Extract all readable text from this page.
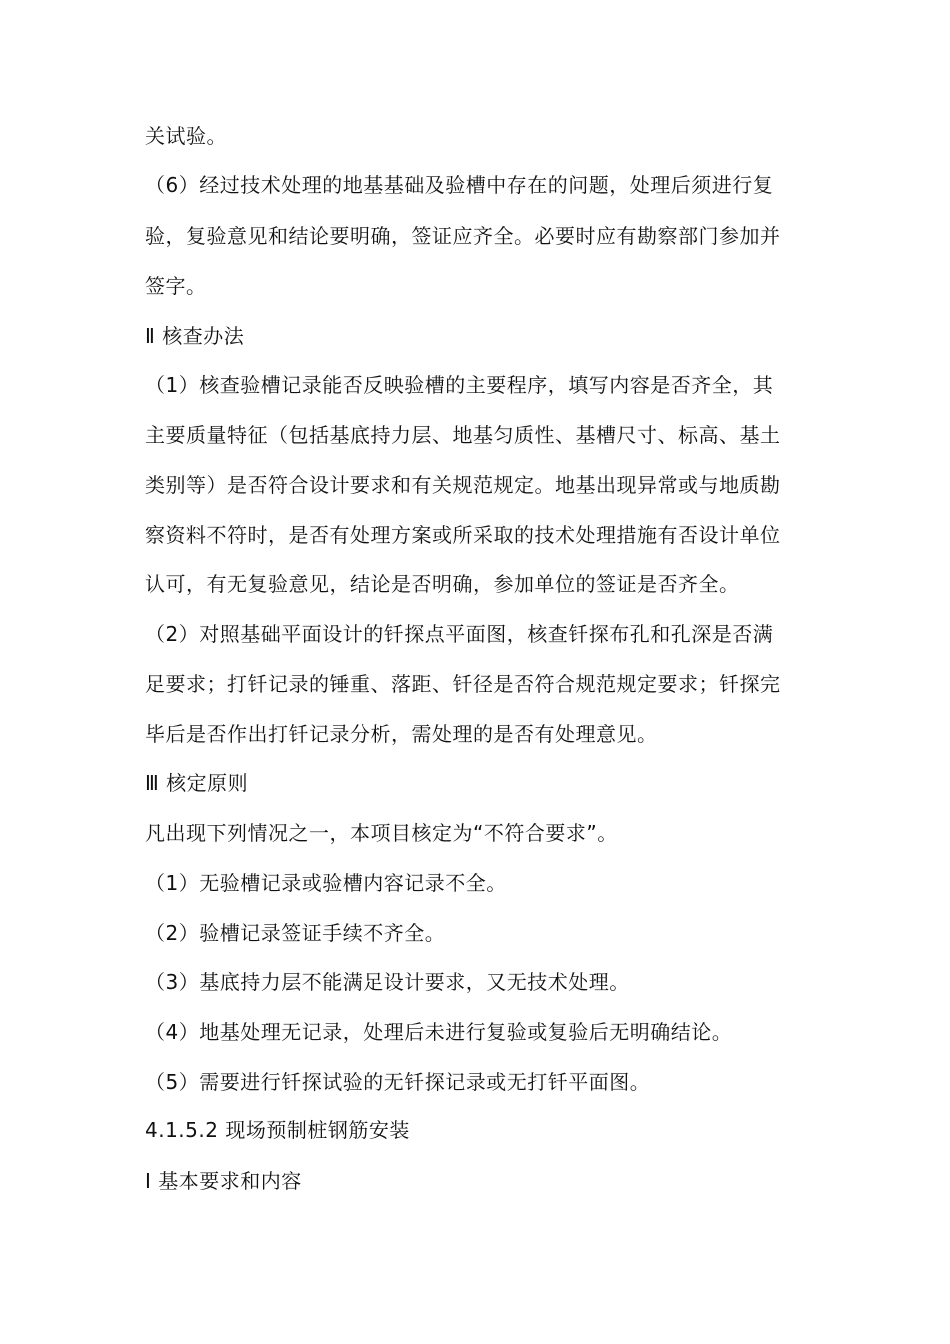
关试验。
（6）经过技术处理的地基基础及验槽中存在的问题，处理后须进行复
验，复验意见和结论要明确，签证应齐全。必要时应有勘察部门参加并
签字。
Ⅱ 核查办法
（1）核查验槽记录能否反映验槽的主要程序，填写内容是否齐全，其
主要质量特征（包括基底持力层、地基匀质性、基槽尺寸、标高、基土
类别等）是否符合设计要求和有关规范规定。地基出现异常或与地质勘
察资料不符时，是否有处理方案或所采取的技术处理措施有否设计单位
认可，有无复验意见，结论是否明确，参加单位的签证是否齐全。
（2）对照基础平面设计的钎探点平面图，核查钎探布孔和孔深是否满
足要求；打钎记录的锤重、落距、钎径是否符合规范规定要求；钎探完
毕后是否作出打钎记录分析，需处理的是否有处理意见。
Ⅲ 核定原则
凡出现下列情况之一，本项目核定为“不符合要求”。
（1）无验槽记录或验槽内容记录不全。
（2）验槽记录签证手续不齐全。
（3）基底持力层不能满足设计要求，又无技术处理。
（4）地基处理无记录，处理后未进行复验或复验后无明确结论。
（5）需要进行钎探试验的无钎探记录或无打钎平面图。
4.1.5.2 现场预制桩钢筋安装
Ⅰ 基本要求和内容
